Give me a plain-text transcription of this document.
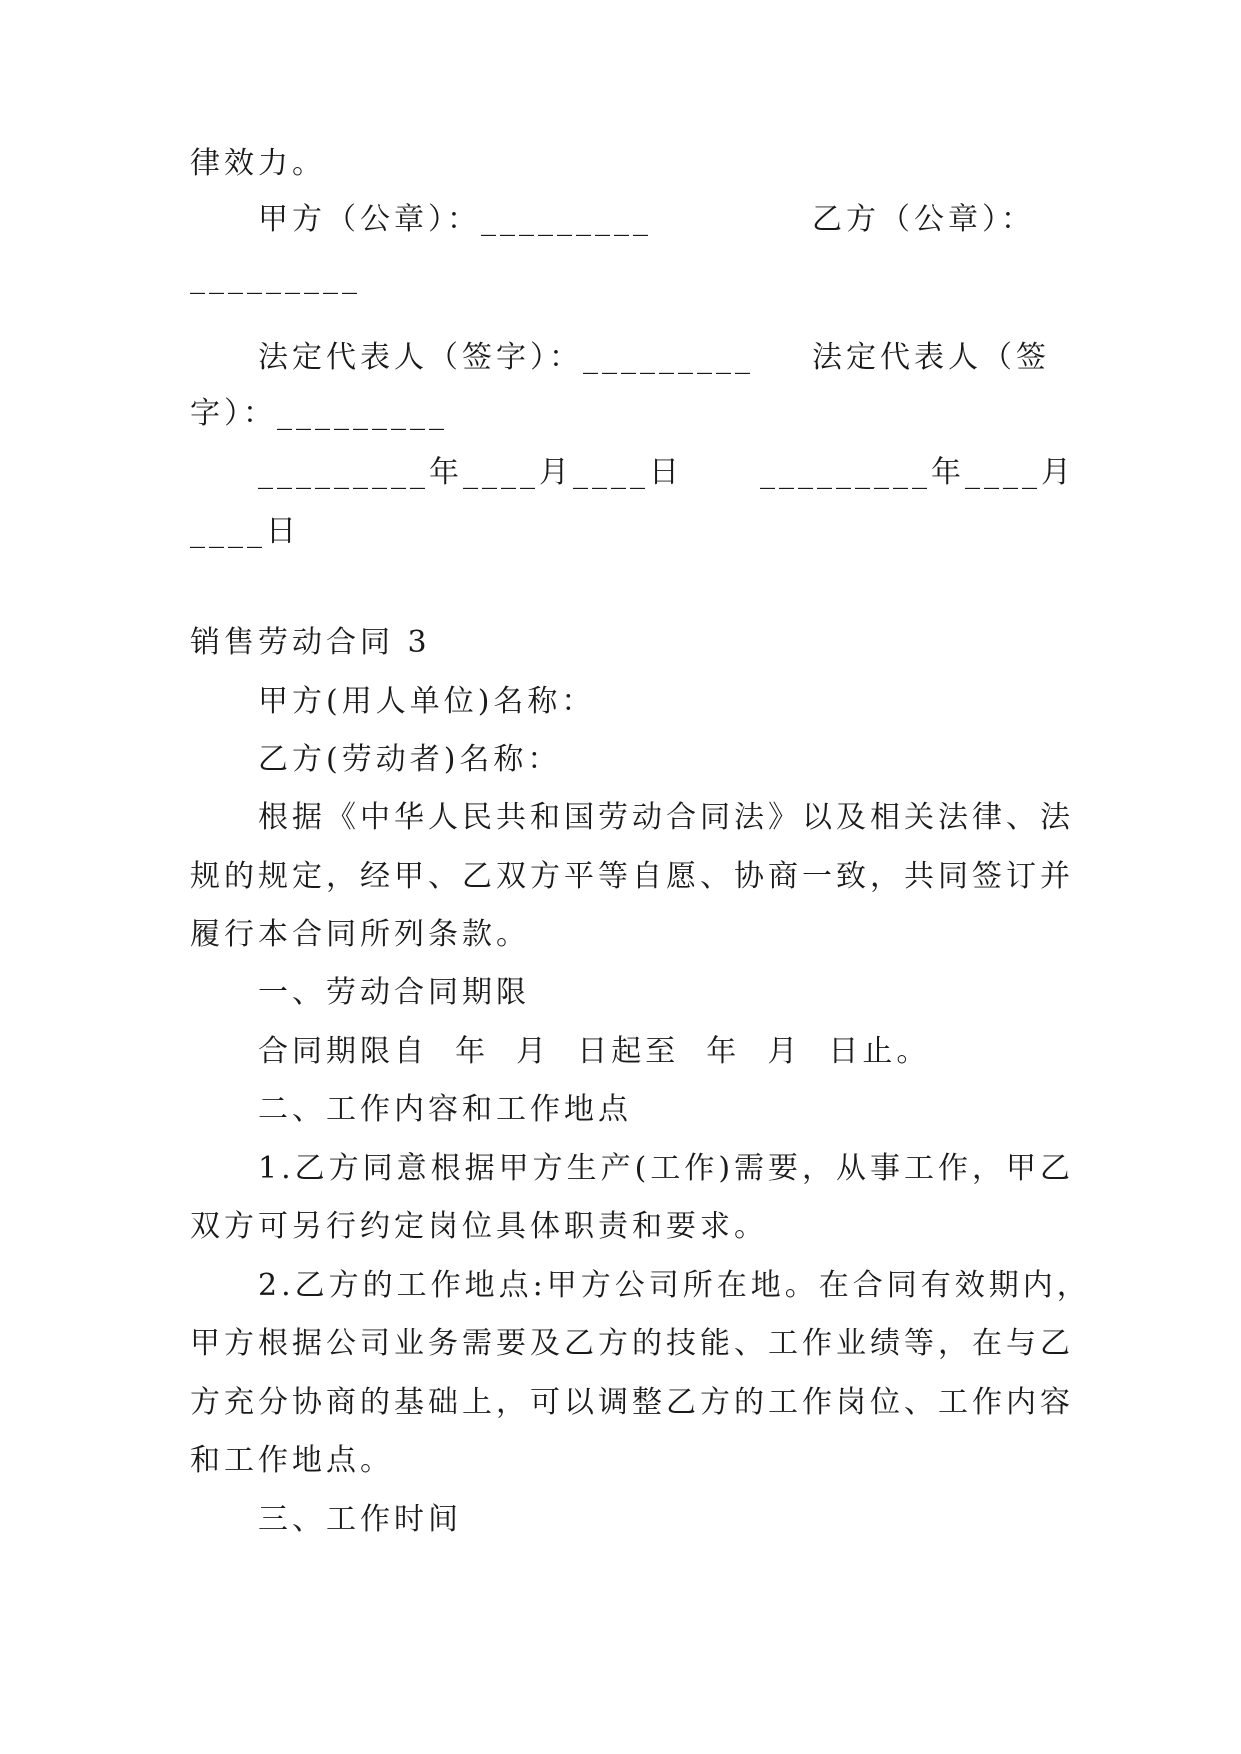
律效力。
甲方（公章）：_________	乙方（公章）：
_________
法定代表人（签字）：_________ 法定代表人（签
字）：_________
_________年____月____日	_________年____月
____日
销售劳动合同 3
甲方(用人单位)名称：
乙方(劳动者)名称：
根据《中华人民共和国劳动合同法》以及相关法律、法
规的规定，经甲、乙双方平等自愿、协商一致，共同签订并
履行本合同所列条款。
一、劳动合同期限
合同期限自  年  月  日起至  年  月  日止。
二、工作内容和工作地点
1.乙方同意根据甲方生产(工作)需要，从事工作，甲乙
双方可另行约定岗位具体职责和要求。
2.乙方的工作地点:甲方公司所在地。在合同有效期内，
甲方根据公司业务需要及乙方的技能、工作业绩等，在与乙
方充分协商的基础上，可以调整乙方的工作岗位、工作内容
和工作地点。
三、工作时间
